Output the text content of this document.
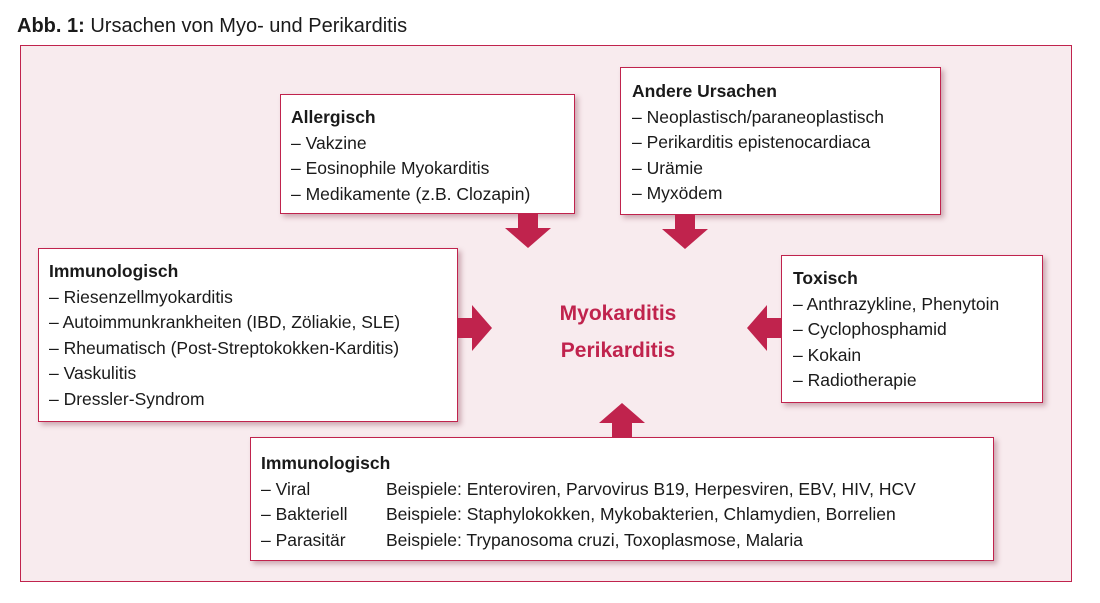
Abb. 1: Ursachen von Myo- und Perikarditis
Allergisch
– Vakzine
– Eosinophile Myokarditis
– Medikamente (z.B. Clozapin)
Andere Ursachen
– Neoplastisch/paraneoplastisch
– Perikarditis epistenocardiaca
– Urämie
– Myxödem
Immunologisch
– Riesenzellmyokarditis
– Autoimmunkrankheiten (IBD, Zöliakie, SLE)
– Rheumatisch (Post-Streptokokken-Karditis)
– Vaskulitis
– Dressler-Syndrom
Toxisch
– Anthrazykline, Phenytoin
– Cyclophosphamid
– Kokain
– Radiotherapie
Immunologisch
– Viral	Beispiele: Enteroviren, Parvovirus B19, Herpesviren, EBV, HIV, HCV
– Bakteriell	Beispiele: Staphylokokken, Mykobakterien, Chlamydien, Borrelien
– Parasitär	Beispiele: Trypanosoma cruzi, Toxoplasmose, Malaria
Myokarditis
Perikarditis
